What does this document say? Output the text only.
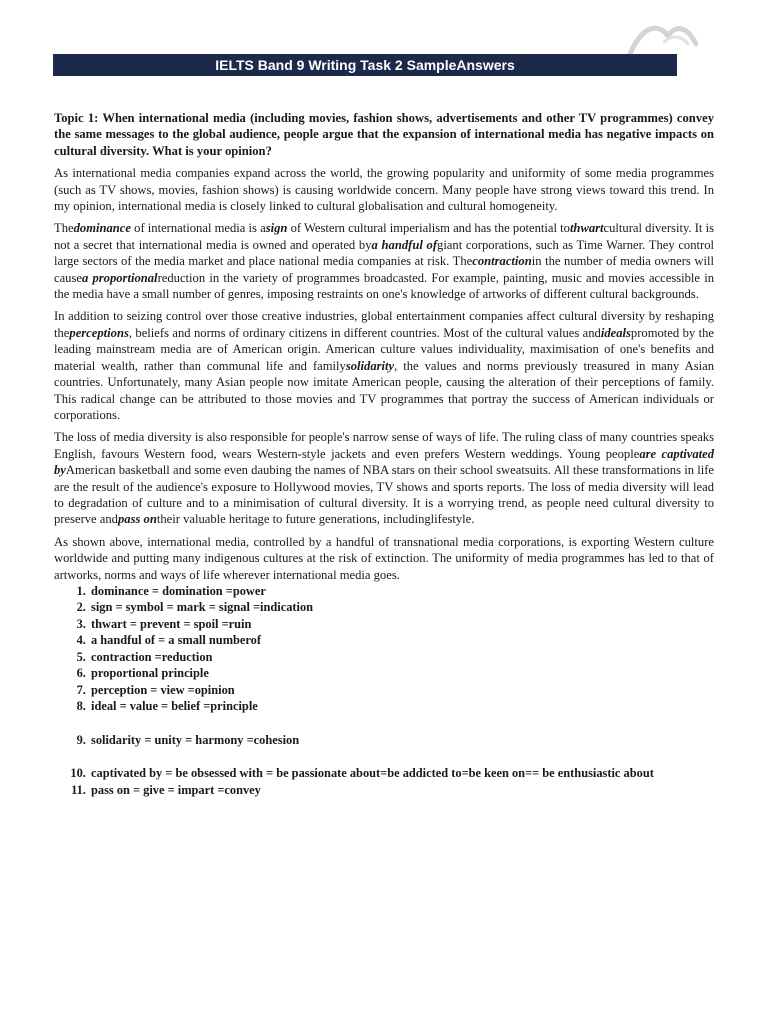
IELTS Band 9 Writing Task 2 SampleAnswers

Topic 1: When international media (including movies, fashion shows, advertisements and other TV programmes) convey the same messages to the global audience, people argue that the expansion of international media has negative impacts on cultural diversity. What is your opinion?

As international media companies expand across the world, the growing popularity and uniformity of some media programmes (such as TV shows, movies, fashion shows) is causing worldwide concern. Many people have strong views toward this trend. In my opinion, international media is closely linked to cultural globalisation and cultural homogeneity.

Thedominance of international media is asign of Western cultural imperialism and has the potential tothwartcultural diversity. It is not a secret that international media is owned and operated bya handful ofgiant corporations, such as Time Warner. They control large sectors of the media market and place national media companies at risk. Thecontractionin the number of media owners will causea proportionalreduction in the variety of programmes broadcasted. For example, painting, music and movies accessible in the media have a small number of genres, imposing restraints on one's knowledge of artworks of different cultural backgrounds.

In addition to seizing control over those creative industries, global entertainment companies affect cultural diversity by reshaping theperceptions, beliefs and norms of ordinary citizens in different countries. Most of the cultural values andidealspromoted by the leading mainstream media are of American origin. American culture values individuality, maximisation of one's benefits and material wealth, rather than communal life and familysolidarity, the values and norms previously treasured in many Asian countries. Unfortunately, many Asian people now imitate American people, causing the alteration of their perceptions of family. This radical change can be attributed to those movies and TV programmes that portray the success of American individuals or corporations.

The loss of media diversity is also responsible for people's narrow sense of ways of life. The ruling class of many countries speaks English, favours Western food, wears Western-style jackets and even prefers Western weddings. Young peopleare captivated byAmerican basketball and some even daubing the names of NBA stars on their school sweatsuits. All these transformations in life are the result of the audience's exposure to Hollywood movies, TV shows and sports reports. The loss of media diversity will lead to degradation of culture and to a minimisation of cultural diversity. It is a worrying trend, as people need cultural diversity to preserve andpass ontheir valuable heritage to future generations, includinglifestyle.

As shown above, international media, controlled by a handful of transnational media corporations, is exporting Western culture worldwide and putting many indigenous cultures at the risk of extinction. The uniformity of media programmes has led to that of artworks, norms and ways of life wherever international media goes.

1. dominance = domination =power
2. sign = symbol = mark = signal =indication
3. thwart = prevent = spoil =ruin
4. a handful of = a small numberof
5. contraction =reduction
6. proportional principle
7. perception = view =opinion
8. ideal = value = belief =principle
9. solidarity = unity = harmony =cohesion
10. captivated by = be obsessed with = be passionate about=be addicted to=be keen on== be enthusiastic about
11. pass on = give = impart =convey
